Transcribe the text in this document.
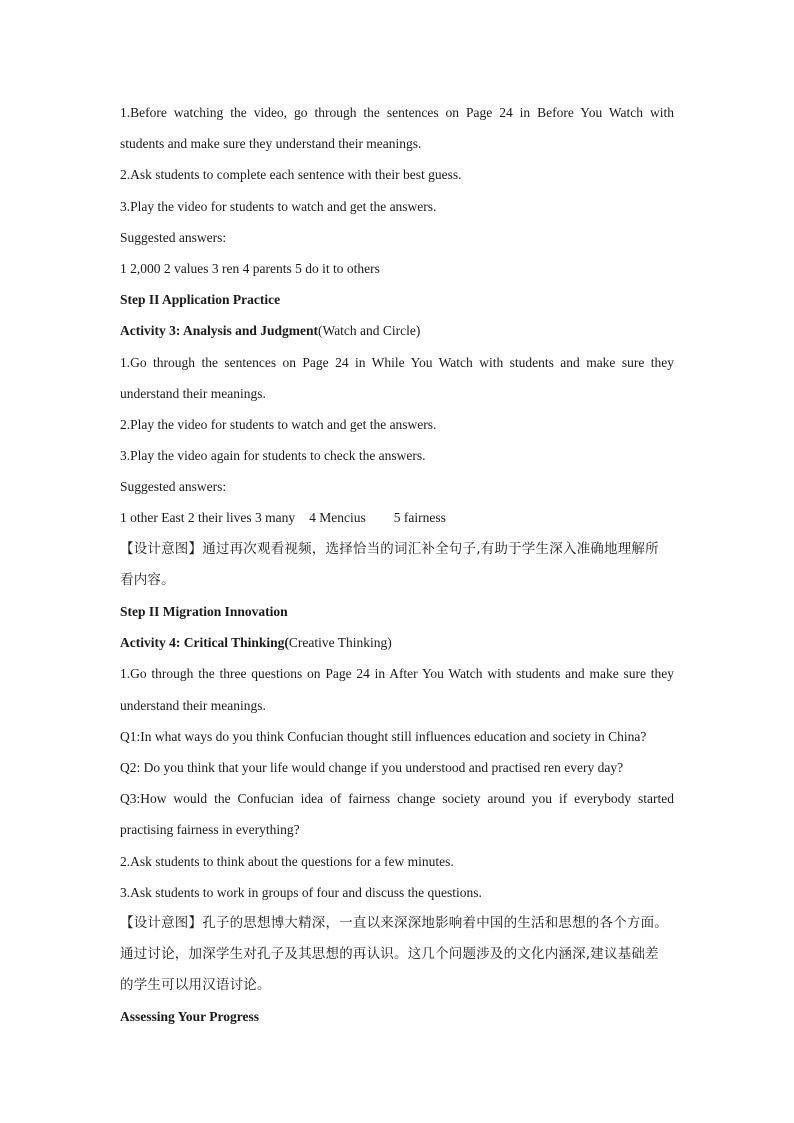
1.Before watching the video, go through the sentences on Page 24 in Before You Watch with
students and make sure they understand their meanings.
2.Ask students to complete each sentence with their best guess.
3.Play the video for students to watch and get the answers.
Suggested answers:
1 2,000 2 values 3 ren 4 parents 5 do it to others
Step II Application Practice
Activity 3: Analysis and Judgment(Watch and Circle)
1.Go through the sentences on Page 24 in While You Watch with students and make sure they
understand their meanings.
2.Play the video for students to watch and get the answers.
3.Play the video again for students to check the answers.
Suggested answers:
1 other East 2 their lives 3 many 4 Mencius 5 fairness
【设计意图】通过再次观看视频，选择恰当的词汇补全句子,有助于学生深入准确地理解所
看内容。
Step II Migration Innovation
Activity 4: Critical Thinking(Creative Thinking)
1.Go through the three questions on Page 24 in After You Watch with students and make sure they
understand their meanings.
Q1:In what ways do you think Confucian thought still influences education and society in China?
Q2: Do you think that your life would change if you understood and practised ren every day?
Q3:How would the Confucian idea of fairness change society around you if everybody started
practising fairness in everything?
2.Ask students to think about the questions for a few minutes.
3.Ask students to work in groups of four and discuss the questions.
【设计意图】孔子的思想博大精深，一直以来深深地影响着中国的生活和思想的各个方面。
通过讨论，加深学生对孔子及其思想的再认识。这几个问题涉及的文化内涵深,建议基础差
的学生可以用汉语讨论。
Assessing Your Progress
